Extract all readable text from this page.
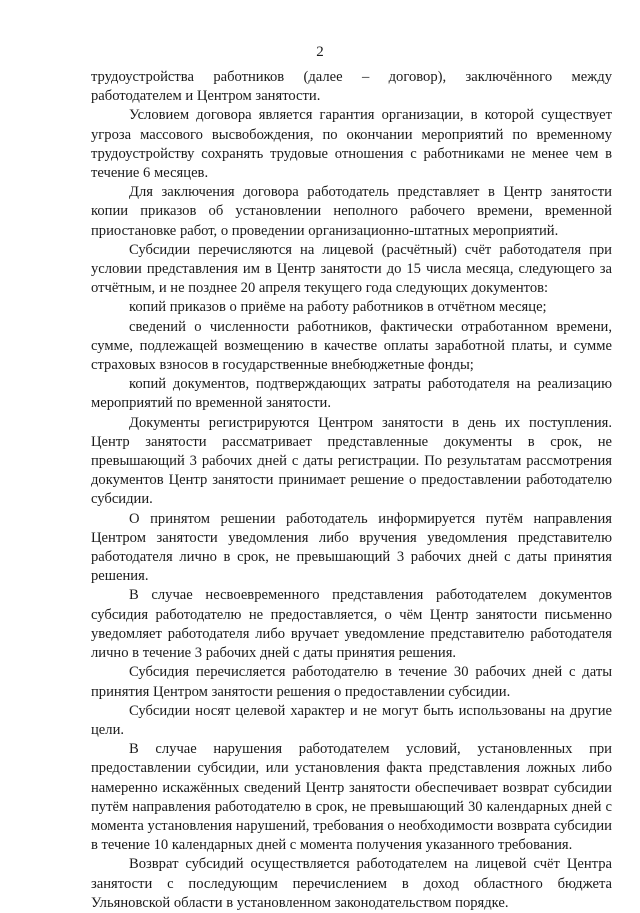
2

трудоустройства работников (далее – договор), заключённого между работодателем и Центром занятости.

Условием договора является гарантия организации, в которой существует угроза массового высвобождения, по окончании мероприятий по временному трудоустройству сохранять трудовые отношения с работниками не менее чем в течение 6 месяцев.

Для заключения договора работодатель представляет в Центр занятости копии приказов об установлении неполного рабочего времени, временной приостановке работ, о проведении организационно-штатных мероприятий.

Субсидии перечисляются на лицевой (расчётный) счёт работодателя при условии представления им в Центр занятости до 15 числа месяца, следующего за отчётным, и не позднее 20 апреля текущего года следующих документов:

копий приказов о приёме на работу работников в отчётном месяце;

сведений о численности работников, фактически отработанном времени, сумме, подлежащей возмещению в качестве оплаты заработной платы, и сумме страховых взносов в государственные внебюджетные фонды;

копий документов, подтверждающих затраты работодателя на реализацию мероприятий по временной занятости.

Документы регистрируются Центром занятости в день их поступления. Центр занятости рассматривает представленные документы в срок, не превышающий 3 рабочих дней с даты регистрации. По результатам рассмотрения документов Центр занятости принимает решение о предоставлении работодателю субсидии.

О принятом решении работодатель информируется путём направления Центром занятости уведомления либо вручения уведомления представителю работодателя лично в срок, не превышающий 3 рабочих дней с даты принятия решения.

В случае несвоевременного представления работодателем документов субсидия работодателю не предоставляется, о чём Центр занятости письменно уведомляет работодателя либо вручает уведомление представителю работодателя лично в течение 3 рабочих дней с даты принятия решения.

Субсидия перечисляется работодателю в течение 30 рабочих дней с даты принятия Центром занятости решения о предоставлении субсидии.

Субсидии носят целевой характер и не могут быть использованы на другие цели.

В случае нарушения работодателем условий, установленных при предоставлении субсидии, или установления факта представления ложных либо намеренно искажённых сведений Центр занятости обеспечивает возврат субсидии путём направления работодателю в срок, не превышающий 30 календарных дней с момента установления нарушений, требования о необходимости возврата субсидии в течение 10 календарных дней с момента получения указанного требования.

Возврат субсидий осуществляется работодателем на лицевой счёт Центра занятости с последующим перечислением в доход областного бюджета Ульяновской области в установленном законодательством порядке.
